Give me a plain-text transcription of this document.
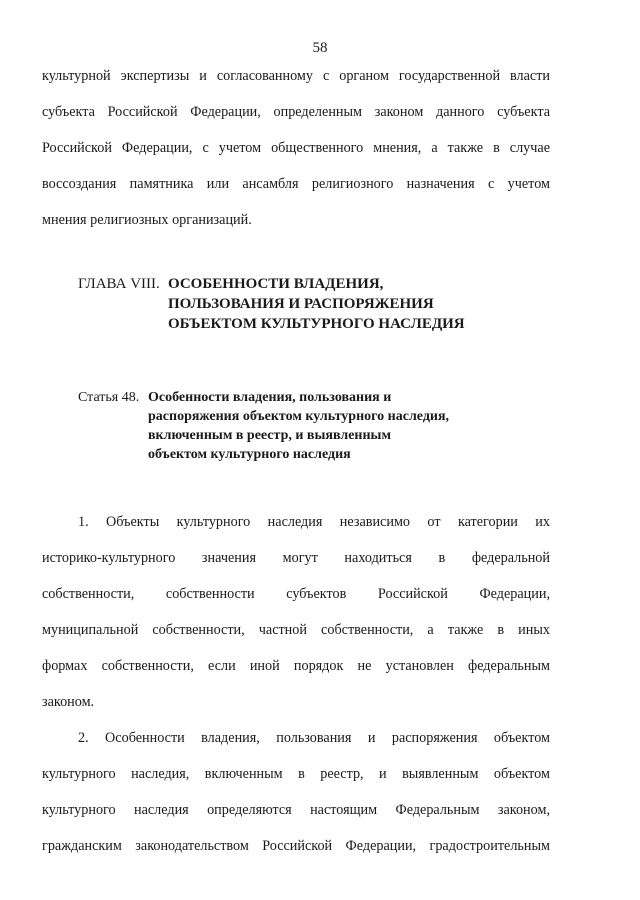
58
культурной экспертизы и согласованному с органом государственной власти
субъекта Российской Федерации, определенным законом данного субъекта
Российской Федерации, с учетом общественного мнения, а также в случае
воссоздания памятника или ансамбля религиозного назначения с учетом
мнения религиозных организаций.
ГЛАВА VIII. ОСОБЕННОСТИ ВЛАДЕНИЯ,
ПОЛЬЗОВАНИЯ И РАСПОРЯЖЕНИЯ
ОБЪЕКТОМ КУЛЬТУРНОГО НАСЛЕДИЯ
Статья 48. Особенности владения, пользования и
распоряжения объектом культурного наследия,
включенным в реестр, и выявленным
объектом культурного наследия
1. Объекты культурного наследия независимо от категории их
историко-культурного значения могут находиться в федеральной
собственности, собственности субъектов Российской Федерации,
муниципальной собственности, частной собственности, а также в иных
формах собственности, если иной порядок не установлен федеральным
законом.
2. Особенности владения, пользования и распоряжения объектом
культурного наследия, включенным в реестр, и выявленным объектом
культурного наследия определяются настоящим Федеральным законом,
гражданским законодательством Российской Федерации, градостроительным
